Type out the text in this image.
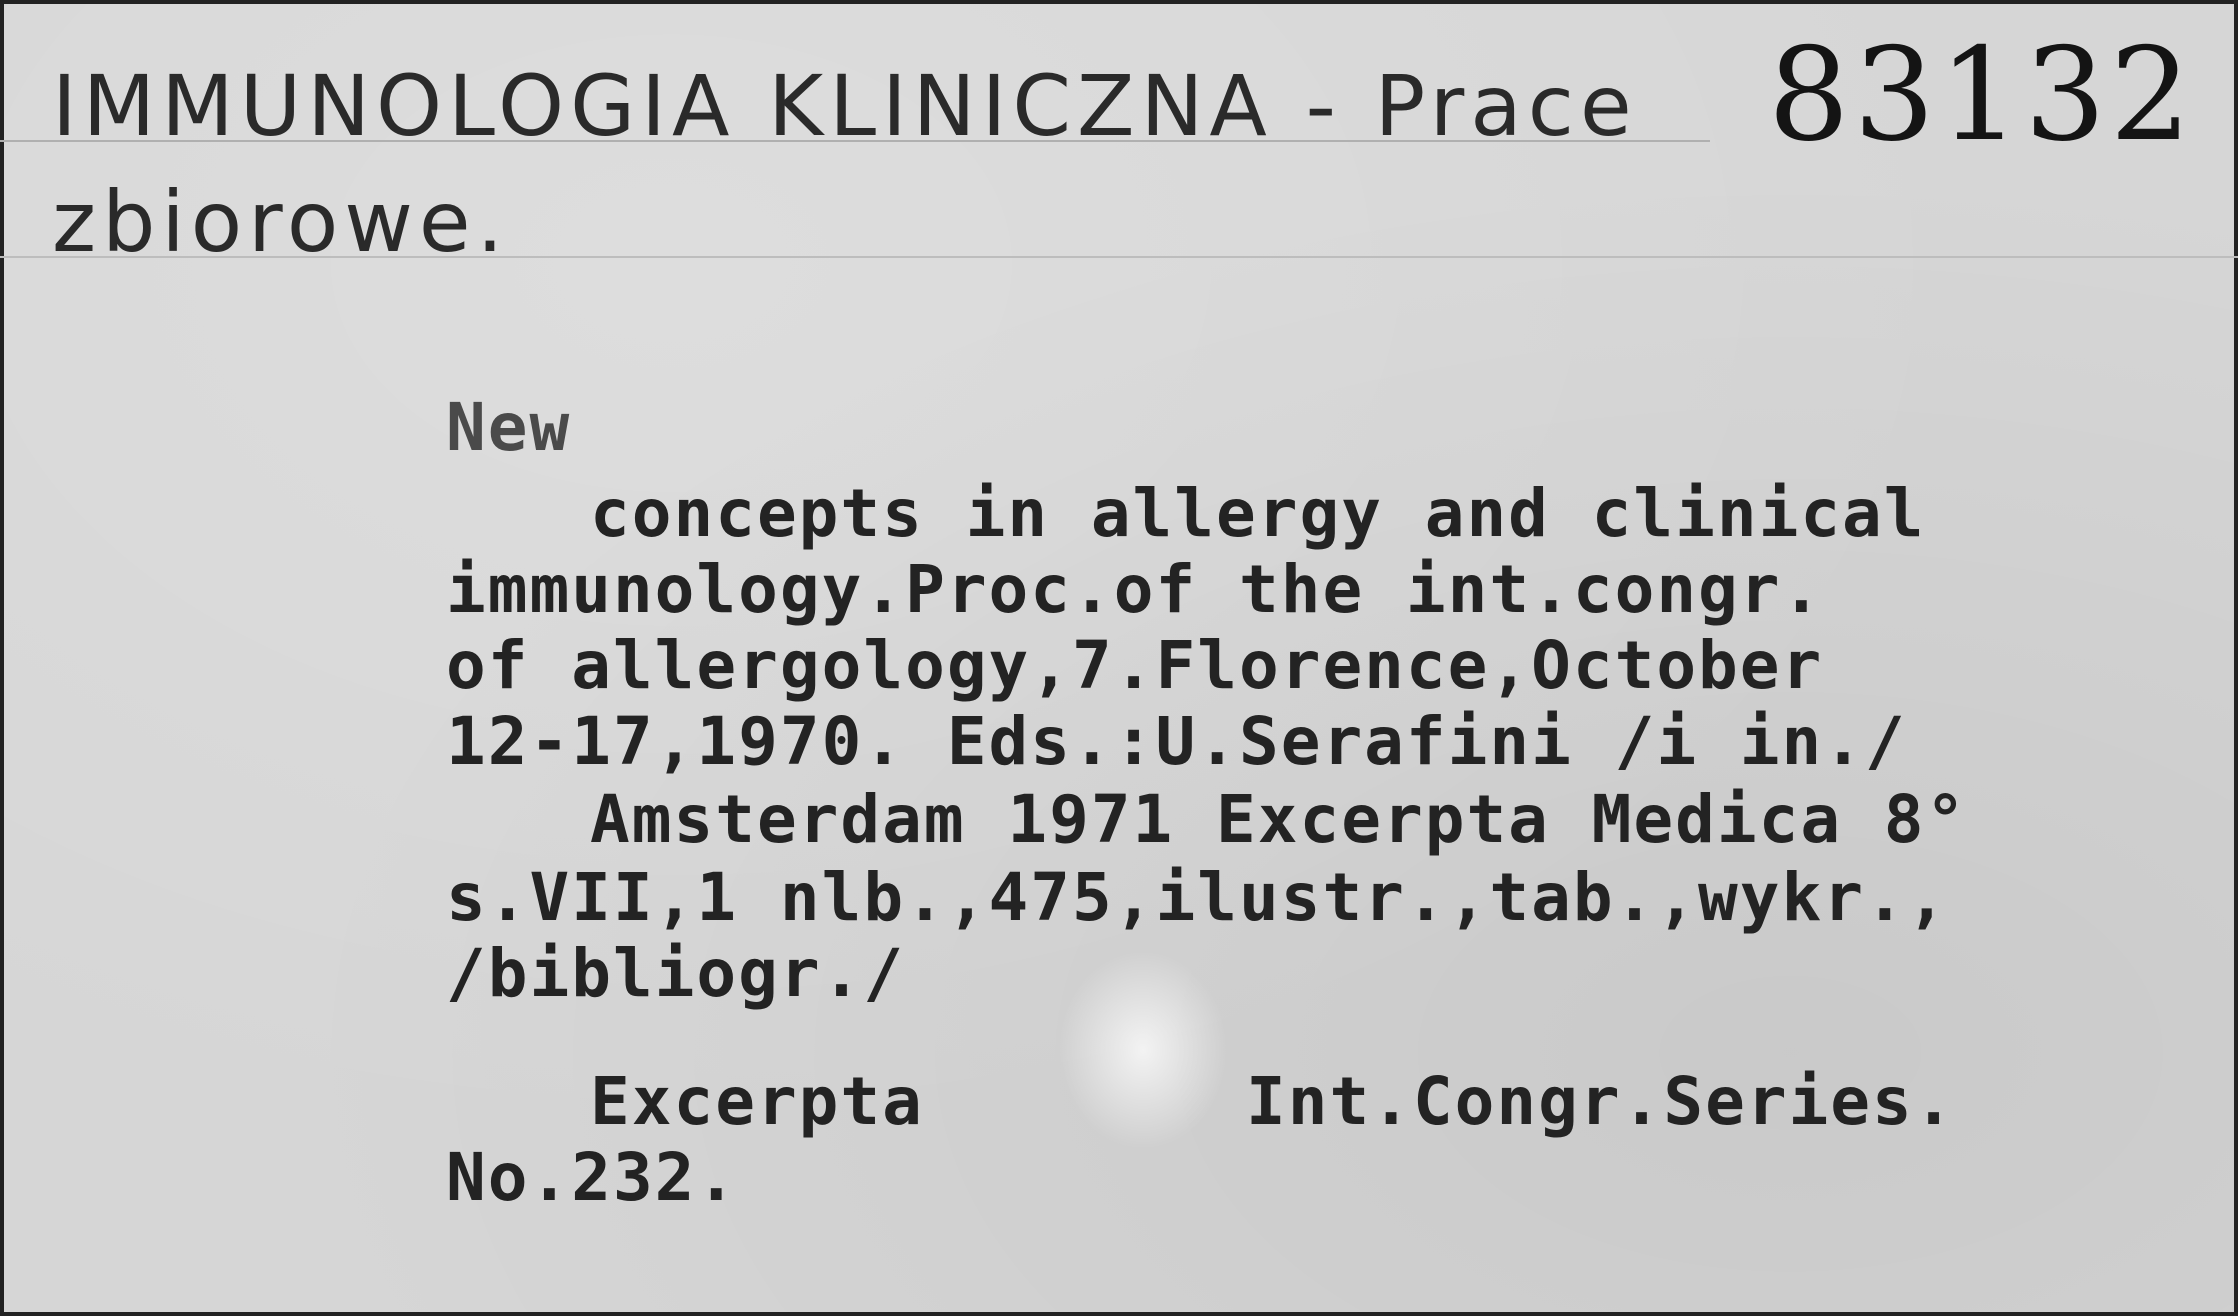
IMMUNOLOGIA KLINICZNA - Prace
zbiorowe.
83132
New
concepts in allergy and clinical
immunology.Proc.of the int.congr.
of allergology,7.Florence,October
12-17,1970. Eds.:U.Serafini /i in./
Amsterdam 1971 Excerpta Medica 8°
s.VII,1 nlb.,475,ilustr.,tab.,wykr.,
/bibliogr./
Excerpta	Int.Congr.Series.
No.232.
